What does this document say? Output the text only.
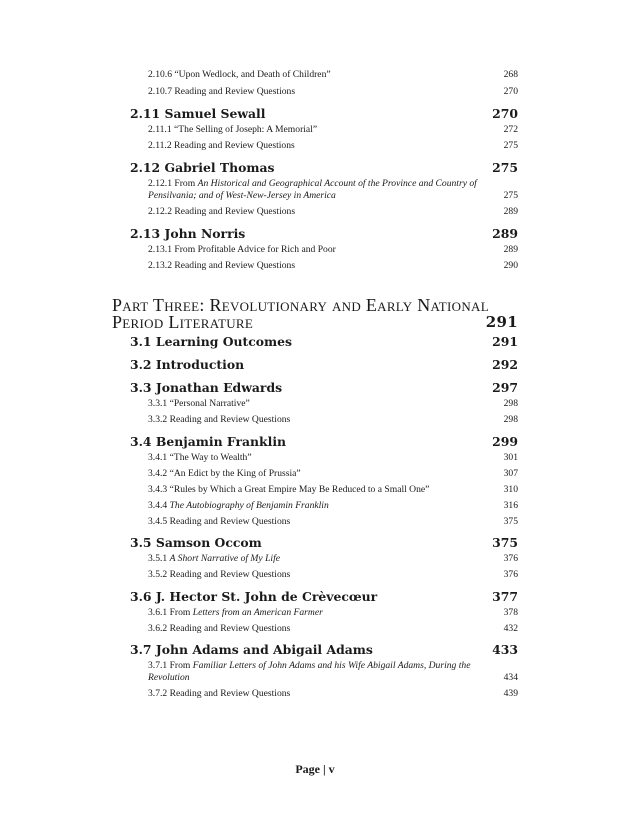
2.10.6 “Upon Wedlock, and Death of Children”	268
2.10.7 Reading and Review Questions	270
2.11 Samuel Sewall	270
2.11.1 “The Selling of Joseph: A Memorial”	272
2.11.2 Reading and Review Questions	275
2.12 Gabriel Thomas	275
2.12.1 From An Historical and Geographical Account of the Province and Country of Pensilvania; and of West-New-Jersey in America	275
2.12.2 Reading and Review Questions	289
2.13 John Norris	289
2.13.1 From Profitable Advice for Rich and Poor	289
2.13.2 Reading and Review Questions	290
Part Three: Revolutionary and Early National
Period Literature	291
3.1 Learning Outcomes	291
3.2 Introduction	292
3.3 Jonathan Edwards	297
3.3.1 “Personal Narrative”	298
3.3.2 Reading and Review Questions	298
3.4 Benjamin Franklin	299
3.4.1 “The Way to Wealth”	301
3.4.2 “An Edict by the King of Prussia”	307
3.4.3 “Rules by Which a Great Empire May Be Reduced to a Small One”	310
3.4.4 The Autobiography of Benjamin Franklin	316
3.4.5 Reading and Review Questions	375
3.5 Samson Occom	375
3.5.1 A Short Narrative of My Life	376
3.5.2 Reading and Review Questions	376
3.6 J. Hector St. John de Crèvecœur	377
3.6.1 From Letters from an American Farmer	378
3.6.2 Reading and Review Questions	432
3.7 John Adams and Abigail Adams	433
3.7.1 From Familiar Letters of John Adams and his Wife Abigail Adams, During the Revolution	434
3.7.2 Reading and Review Questions	439
Page | v
